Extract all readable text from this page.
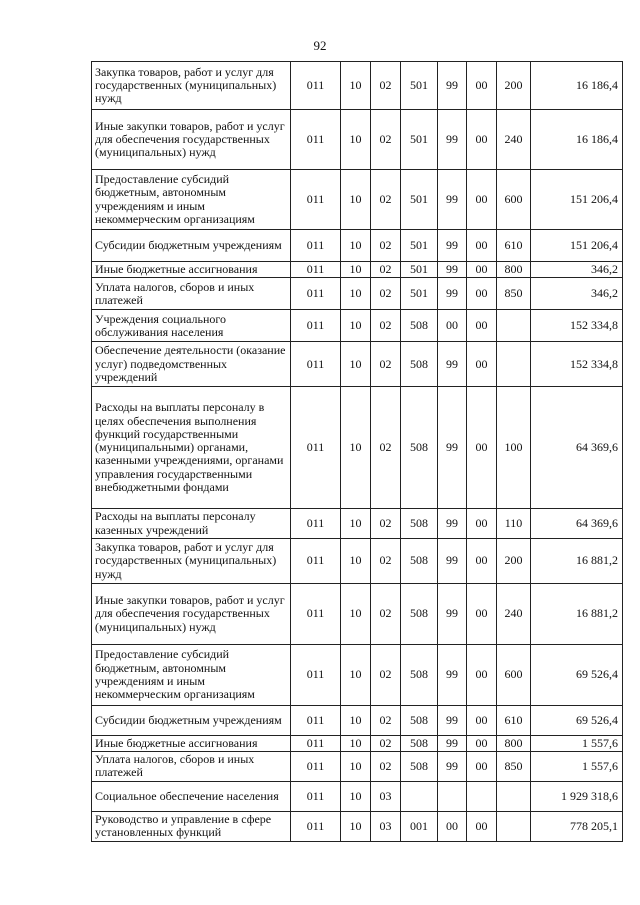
92
Закупка товаров, работ и услуг для государственных (муниципальных) нужд	011	10	02	501	99	00	200	16 186,4
Иные закупки товаров, работ и услуг для обеспечения государственных (муниципальных) нужд	011	10	02	501	99	00	240	16 186,4
Предоставление субсидий бюджетным, автономным учреждениям и иным некоммерческим организациям	011	10	02	501	99	00	600	151 206,4
Субсидии бюджетным учреждениям	011	10	02	501	99	00	610	151 206,4
Иные бюджетные ассигнования	011	10	02	501	99	00	800	346,2
Уплата налогов, сборов и иных платежей	011	10	02	501	99	00	850	346,2
Учреждения социального обслуживания населения	011	10	02	508	00	00		152 334,8
Обеспечение деятельности (оказание услуг) подведомственных учреждений	011	10	02	508	99	00		152 334,8
Расходы на выплаты персоналу в целях обеспечения выполнения функций государственными (муниципальными) органами, казенными учреждениями, органами управления государственными внебюджетными фондами	011	10	02	508	99	00	100	64 369,6
Расходы на выплаты персоналу казенных учреждений	011	10	02	508	99	00	110	64 369,6
Закупка товаров, работ и услуг для государственных (муниципальных) нужд	011	10	02	508	99	00	200	16 881,2
Иные закупки товаров, работ и услуг для обеспечения государственных (муниципальных) нужд	011	10	02	508	99	00	240	16 881,2
Предоставление субсидий бюджетным, автономным учреждениям и иным некоммерческим организациям	011	10	02	508	99	00	600	69 526,4
Субсидии бюджетным учреждениям	011	10	02	508	99	00	610	69 526,4
Иные бюджетные ассигнования	011	10	02	508	99	00	800	1 557,6
Уплата налогов, сборов и иных платежей	011	10	02	508	99	00	850	1 557,6
Социальное обеспечение населения	011	10	03					1 929 318,6
Руководство и управление в сфере установленных функций	011	10	03	001	00	00		778 205,1
